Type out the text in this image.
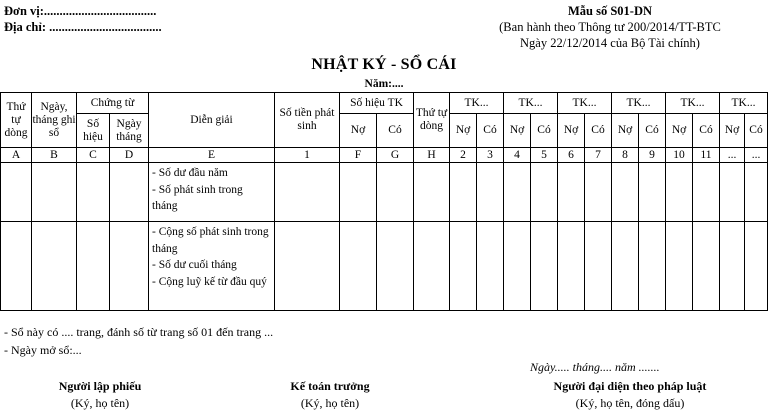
Đơn vị:....................................
Địa chỉ: ....................................
Mẫu số S01-DN
(Ban hành theo Thông tư 200/2014/TT-BTC
Ngày 22/12/2014 của Bộ Tài chính)
NHẬT KÝ - SỔ CÁI
Năm:....
Thứ tự dòng	Ngày, tháng ghi sổ	Chứng từ		Diễn giải	Số tiền phát sinh	Số hiệu TK		Thứ tự dòng	TK...		TK...		TK...		TK...		TK...		TK...	
		Số hiệu	Ngày tháng			Nợ	Có		Nợ	Có	Nợ	Có	Nợ	Có	Nợ	Có	Nợ	Có	Nợ	Có
A	B	C	D	E	1	F	G	H	2	3	4	5	6	7	8	9	10	11	...	...

				- Số dư đầu năm
- Số phát sinh trong tháng																

				- Cộng số phát sinh trong tháng
- Số dư cuối tháng
- Cộng luỹ kế từ đầu quý																

- Sổ này có .... trang, đánh số từ trang số 01 đến trang ...
- Ngày mở sổ:...
Ngày..... tháng.... năm .......
Người lập phiếu
(Ký, họ tên)
Kế toán trưởng
(Ký, họ tên)
Người đại diện theo pháp luật
(Ký, họ tên, đóng dấu)
